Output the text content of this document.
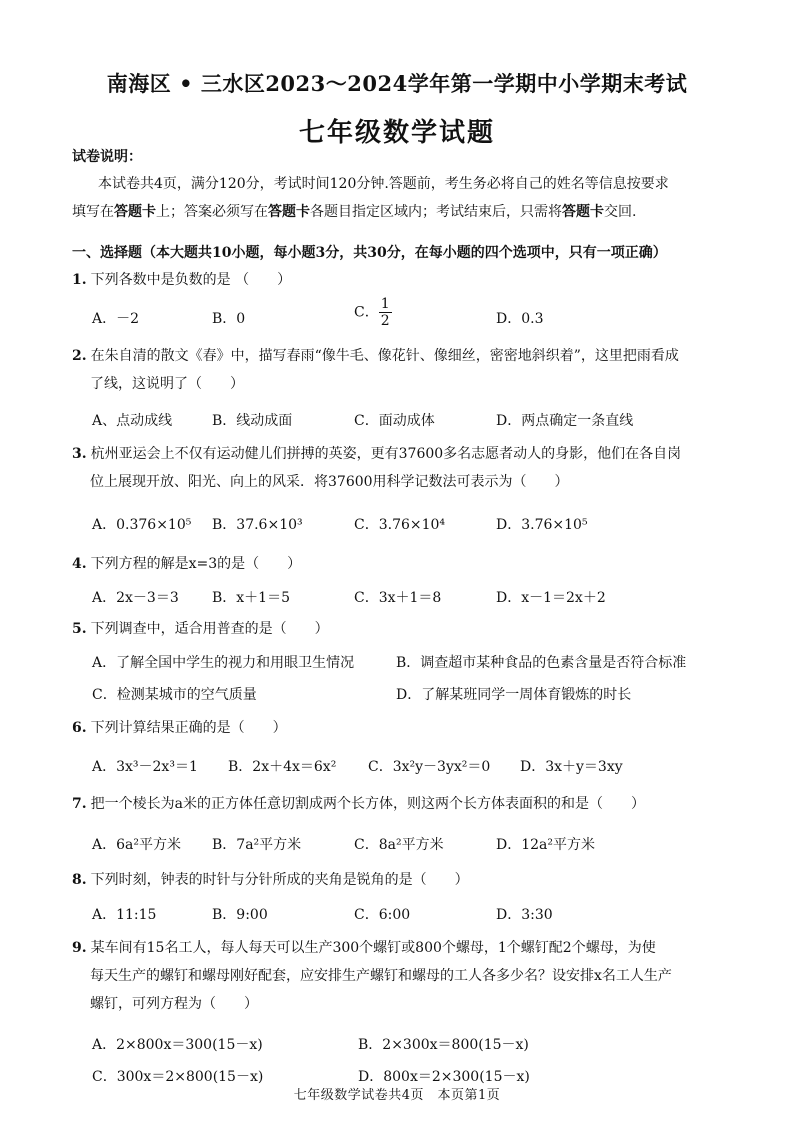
南海区 • 三水区2023～2024学年第一学期中小学期末考试
七年级数学试题
试卷说明：
本试卷共4页，满分120分，考试时间120分钟.答题前，考生务必将自己的姓名等信息按要求
填写在答题卡上；答案必须写在答题卡各题目指定区域内；考试结束后，只需将答题卡交回.
一、选择题（本大题共10小题，每小题3分，共30分，在每小题的四个选项中，只有一项正确）
1. 下列各数中是负数的是 （　　）
A．－2	B．0	C． $\frac{1}{2}$	D．0.3
2. 在朱自清的散文《春》中，描写春雨“像牛毛、像花针、像细丝，密密地斜织着”，这里把雨看成
了线，这说明了（　　）
A、点动成线	B．线动成面	C．面动成体	D．两点确定一条直线
3. 杭州亚运会上不仅有运动健儿们拼搏的英姿，更有37600多名志愿者动人的身影，他们在各自岗
位上展现开放、阳光、向上的风采．将37600用科学记数法可表示为（　　）
A．0.376×10⁵ B．37.6×10³	C．3.76×10⁴	D．3.76×10⁵
4. 下列方程的解是x=3的是（　　）
A．2x－3＝3 B．x＋1＝5	C．3x＋1＝8	D．x－1＝2x＋2
5. 下列调查中，适合用普查的是（　　）
A．了解全国中学生的视力和用眼卫生情况	B．调查超市某种食品的色素含量是否符合标准
C．检测某城市的空气质量	D．了解某班同学一周体育锻炼的时长
6. 下列计算结果正确的是（　　）
A．3x³－2x³＝1 B．2x＋4x＝6x² C．3x²y－3yx²＝0 D．3x＋y＝3xy
7. 把一个棱长为a米的正方体任意切割成两个长方体，则这两个长方体表面积的和是（　　）
A．6a²平方米 B．7a²平方米	C．8a²平方米	D．12a²平方米
8. 下列时刻，钟表的时针与分针所成的夹角是锐角的是（　　）
A．11:15	B．9:00	C．6:00	D．3:30
9. 某车间有15名工人，每人每天可以生产300个螺钉或800个螺母，1个螺钉配2个螺母，为使
每天生产的螺钉和螺母刚好配套，应安排生产螺钉和螺母的工人各多少名？设安排x名工人生产
螺钉，可列方程为（　　）
A．2×800x＝300(15－x)	B．2×300x＝800(15－x)
C．300x＝2×800(15－x)	D．800x＝2×300(15－x)
七年级数学试卷共4页　本页第1页
